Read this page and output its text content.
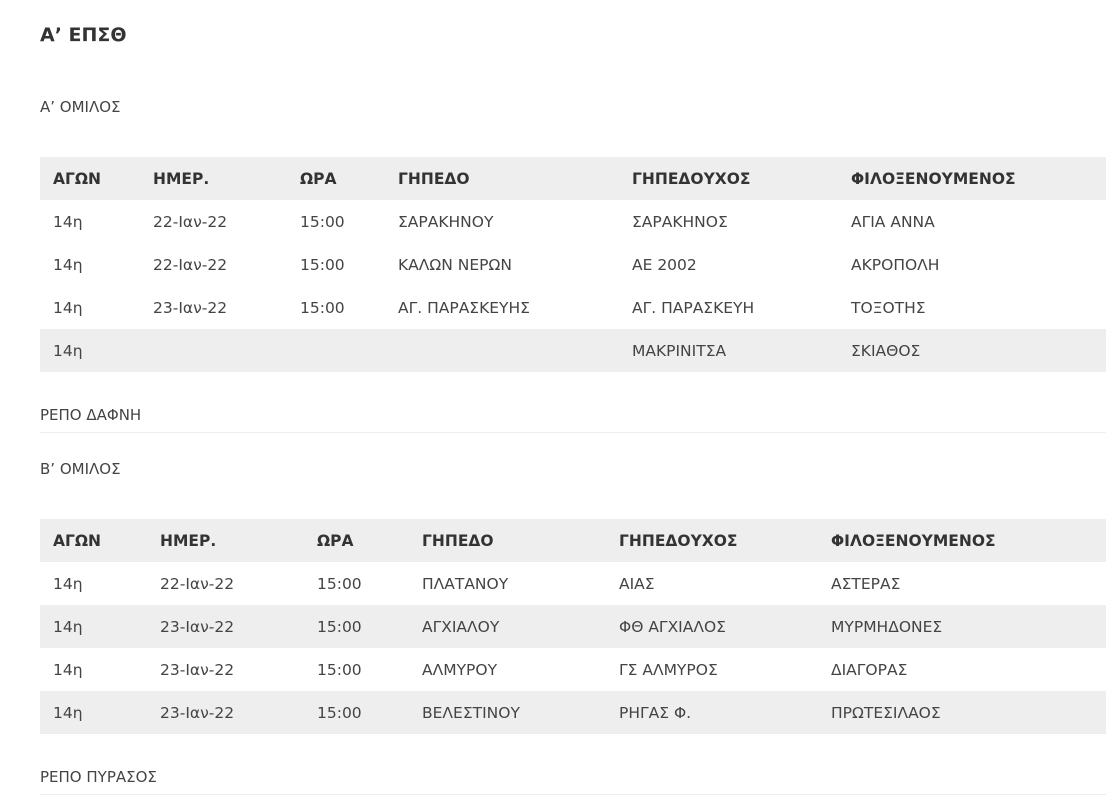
Α’ ΕΠΣΘ
Α’ ΟΜΙΛΟΣ
ΑΓΩΝ	ΗΜΕΡ.	ΩΡΑ	ΓΗΠΕΔΟ	ΓΗΠΕΔΟΥΧΟΣ	ΦΙΛΟΞΕΝΟΥΜΕΝΟΣ
14η	22-Ιαν-22	15:00	ΣΑΡΑΚΗΝΟΥ	ΣΑΡΑΚΗΝΟΣ	ΑΓΙΑ ΑΝΝΑ
14η	22-Ιαν-22	15:00	ΚΑΛΩΝ ΝΕΡΩΝ	ΑΕ 2002	ΑΚΡΟΠΟΛΗ
14η	23-Ιαν-22	15:00	ΑΓ. ΠΑΡΑΣΚΕΥΗΣ	ΑΓ. ΠΑΡΑΣΚΕΥΗ	ΤΟΞΟΤΗΣ
14η				ΜΑΚΡΙΝΙΤΣΑ	ΣΚΙΑΘΟΣ
ΡΕΠΟ ΔΑΦΝΗ
Β’ ΟΜΙΛΟΣ
ΑΓΩΝ	ΗΜΕΡ.	ΩΡΑ	ΓΗΠΕΔΟ	ΓΗΠΕΔΟΥΧΟΣ	ΦΙΛΟΞΕΝΟΥΜΕΝΟΣ
14η	22-Ιαν-22	15:00	ΠΛΑΤΑΝΟΥ	ΑΙΑΣ	ΑΣΤΕΡΑΣ
14η	23-Ιαν-22	15:00	ΑΓΧΙΑΛΟΥ	ΦΘ ΑΓΧΙΑΛΟΣ	ΜΥΡΜΗΔΟΝΕΣ
14η	23-Ιαν-22	15:00	ΑΛΜΥΡΟΥ	ΓΣ ΑΛΜΥΡΟΣ	ΔΙΑΓΟΡΑΣ
14η	23-Ιαν-22	15:00	ΒΕΛΕΣΤΙΝΟΥ	ΡΗΓΑΣ Φ.	ΠΡΩΤΕΣΙΛΑΟΣ
ΡΕΠΟ ΠΥΡΑΣΟΣ
